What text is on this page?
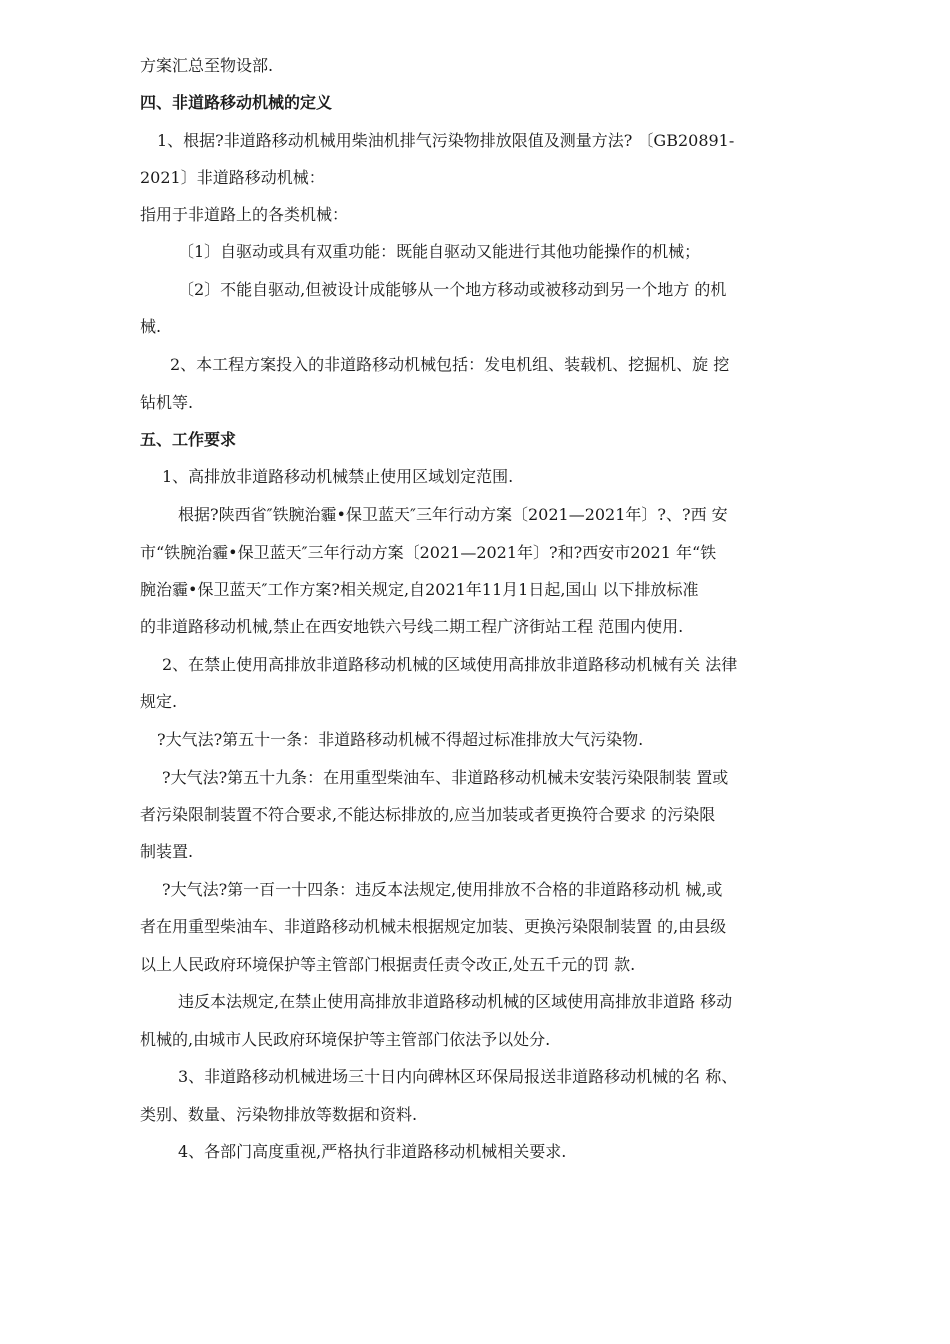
方案汇总至物设部.
四、非道路移动机械的定义
1、根据?非道路移动机械用柴油机排气污染物排放限值及测量方法? 〔GB20891-
2021〕非道路移动机械：
指用于非道路上的各类机械：
〔1〕自驱动或具有双重功能：既能自驱动又能进行其他功能操作的机械；
〔2〕不能自驱动,但被设计成能够从一个地方移动或被移动到另一个地方 的机
械.
2、本工程方案投入的非道路移动机械包括：发电机组、装载机、挖掘机、旋 挖
钻机等.
五、工作要求
1、高排放非道路移动机械禁止使用区域划定范围.
根据?陕西省″铁腕治霾•保卫蓝天″三年行动方案〔2021—2021年〕?、?西 安
市“铁腕治霾•保卫蓝天″三年行动方案〔2021—2021年〕?和?西安市2021 年“铁
腕治霾•保卫蓝天″工作方案?相关规定,自2021年11月1日起,国山 以下排放标准
的非道路移动机械,禁止在西安地铁六号线二期工程广济街站工程 范围内使用.
2、在禁止使用高排放非道路移动机械的区域使用高排放非道路移动机械有关 法律
规定.
?大气法?第五十一条：非道路移动机械不得超过标准排放大气污染物.
?大气法?第五十九条：在用重型柴油车、非道路移动机械未安装污染限制装 置或
者污染限制装置不符合要求,不能达标排放的,应当加装或者更换符合要求 的污染限
制装置.
?大气法?第一百一十四条：违反本法规定,使用排放不合格的非道路移动机 械,或
者在用重型柴油车、非道路移动机械未根据规定加装、更换污染限制装置 的,由县级
以上人民政府环境保护等主管部门根据责任责令改正,处五千元的罚 款.
违反本法规定,在禁止使用高排放非道路移动机械的区域使用高排放非道路 移动
机械的,由城市人民政府环境保护等主管部门依法予以处分.
3、非道路移动机械进场三十日内向碑林区环保局报送非道路移动机械的名 称、
类别、数量、污染物排放等数据和资料.
4、各部门高度重视,严格执行非道路移动机械相关要求.
